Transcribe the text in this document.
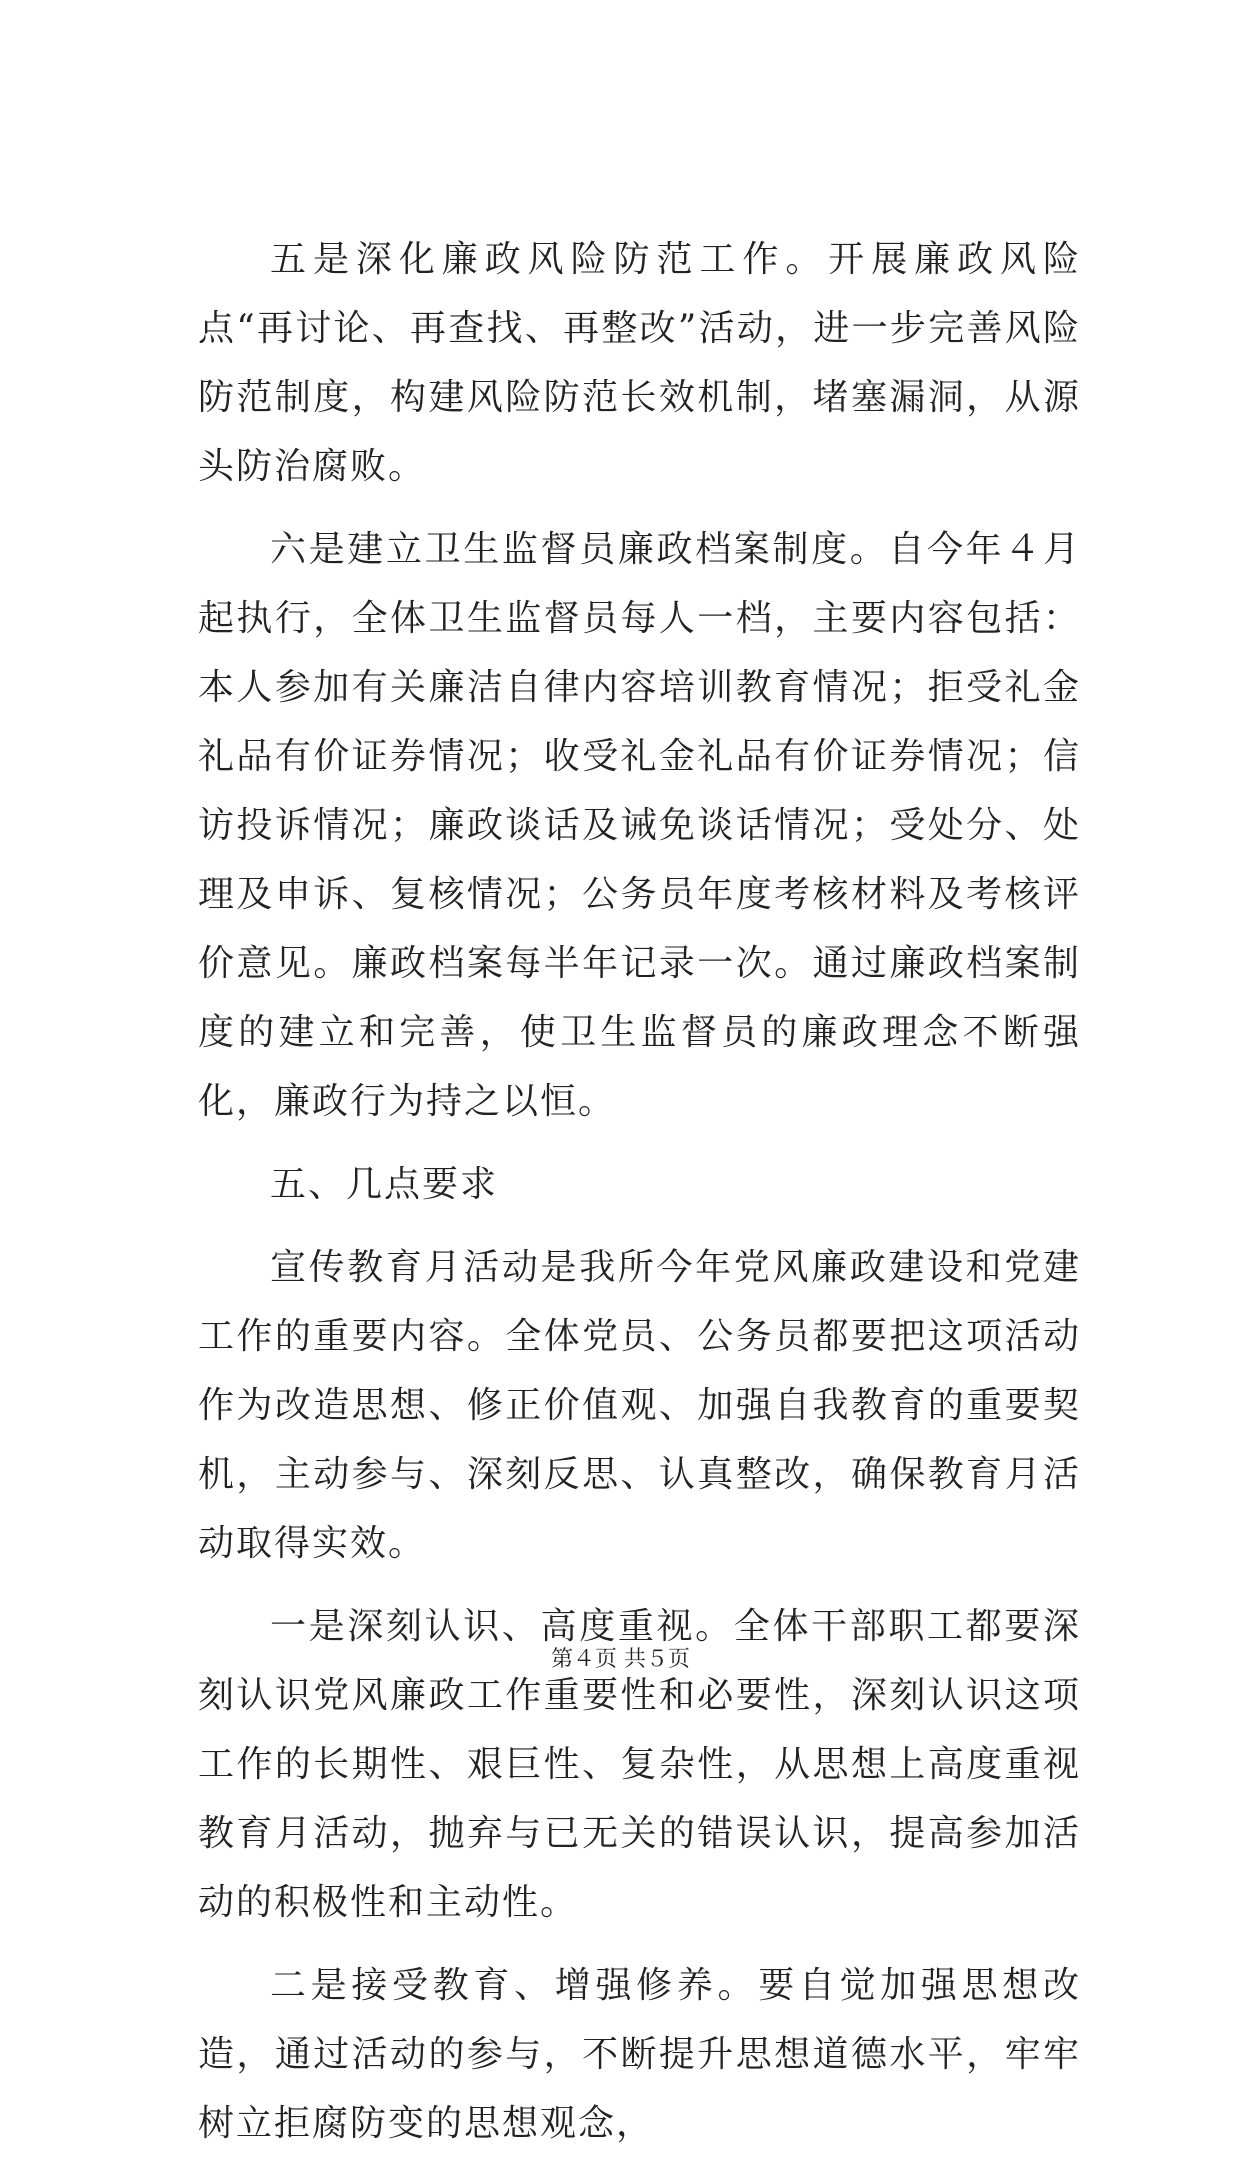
五是深化廉政风险防范工作。开展廉政风险点“再讨论、再查找、再整改”活动，进一步完善风险防范制度，构建风险防范长效机制，堵塞漏洞，从源头防治腐败。

六是建立卫生监督员廉政档案制度。自今年４月起执行，全体卫生监督员每人一档，主要内容包括：本人参加有关廉洁自律内容培训教育情况；拒受礼金礼品有价证券情况；收受礼金礼品有价证券情况；信访投诉情况；廉政谈话及诫免谈话情况；受处分、处理及申诉、复核情况；公务员年度考核材料及考核评价意见。廉政档案每半年记录一次。通过廉政档案制度的建立和完善，使卫生监督员的廉政理念不断强化，廉政行为持之以恒。

五、几点要求

宣传教育月活动是我所今年党风廉政建设和党建工作的重要内容。全体党员、公务员都要把这项活动作为改造思想、修正价值观、加强自我教育的重要契机，主动参与、深刻反思、认真整改，确保教育月活动取得实效。

一是深刻认识、高度重视。全体干部职工都要深刻认识党风廉政工作重要性和必要性，深刻认识这项工作的长期性、艰巨性、复杂性，从思想上高度重视教育月活动，抛弃与已无关的错误认识，提高参加活动的积极性和主动性。

二是接受教育、增强修养。要自觉加强思想改造，通过活动的参与，不断提升思想道德水平，牢牢树立拒腐防变的思想观念，

第４页 共５页
